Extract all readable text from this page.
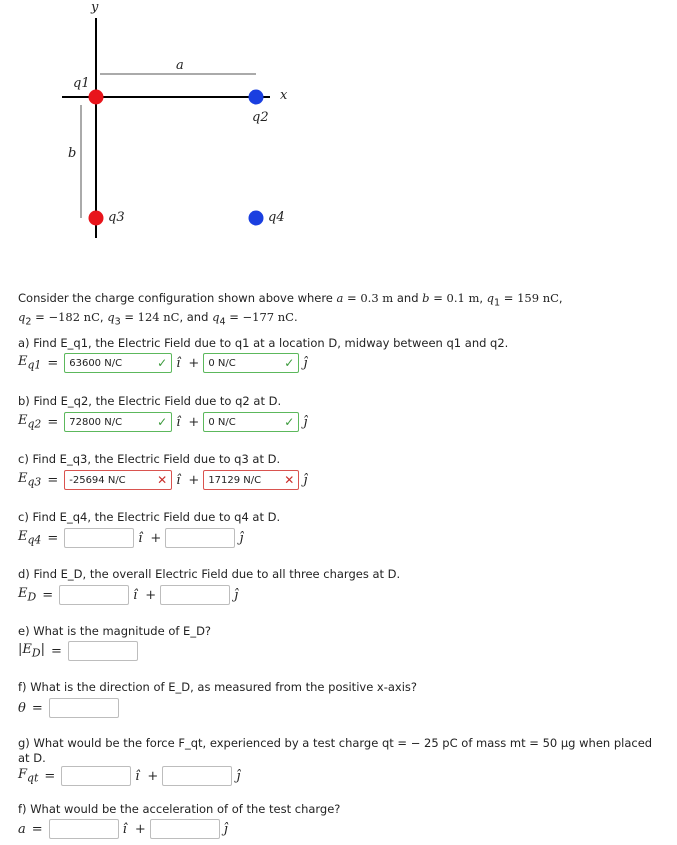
y
x
a
b
q1
q2
q3	q4
Consider the charge configuration shown above where a = 0.3 m and b = 0.1 m, $q_1 = 159$ nC,
$q_2 = -182$ nC, $q_3 = 124$ nC, and $q_4 = -177$ nC.
a) Find E_q1, the Electric Field due to q1 at a location D, midway between q1 and q2.
$E_{q1} = 63600$ N/C	✓ î + 0 N/C	✓ ĵ
b) Find E_q2, the Electric Field due to q2 at D.
$E_{q2} = 72800$ N/C	✓ î + 0 N/C	✓ ĵ
c) Find E_q3, the Electric Field due to q3 at D.
$E_{q3} = -25694$ N/C	✕ î + 17129 N/C	✕ ĵ
c) Find E_q4, the Electric Field due to q4 at D.
$E_{q4}$ =	î +	ĵ
d) Find E_D, the overall Electric Field due to all three charges at D.
$E_D$ =	î +	ĵ
e) What is the magnitude of E_D?
$|E_D|$ =
f) What is the direction of E_D, as measured from the positive x-axis?
θ =
g) What would be the force F_qt, experienced by a test charge qt = − 25 pC of mass mt = 50 μg when placed at D.
$F_{qt}$ =	î +	ĵ
f) What would be the acceleration of of the test charge?
a =	î +	ĵ
